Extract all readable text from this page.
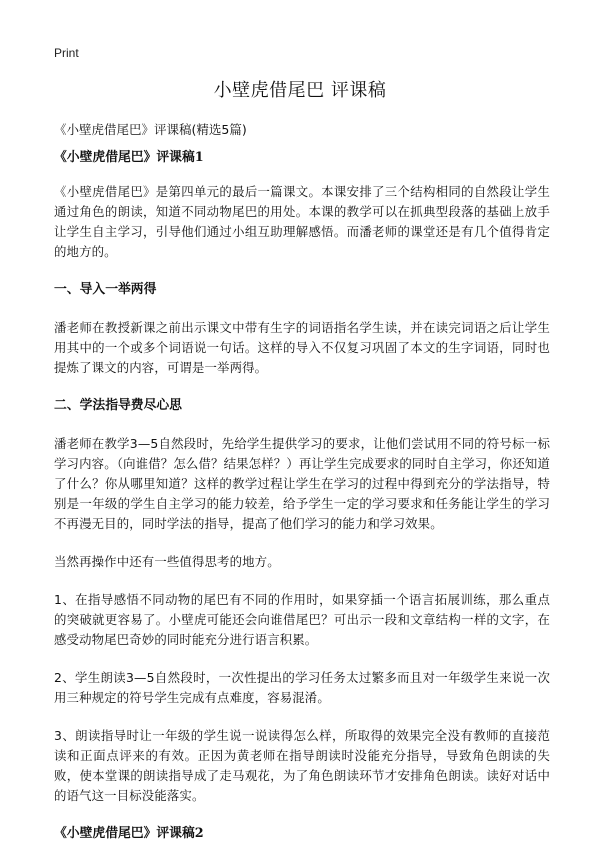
Print
小壁虎借尾巴 评课稿

《小壁虎借尾巴》评课稿(精选5篇)

《小壁虎借尾巴》评课稿1

《小壁虎借尾巴》是第四单元的最后一篇课文。本课安排了三个结构相同的自然段让学生通过角色的朗读，知道不同动物尾巴的用处。本课的教学可以在抓典型段落的基础上放手让学生自主学习，引导他们通过小组互助理解感悟。而潘老师的课堂还是有几个值得肯定的地方的。

一、导入一举两得

潘老师在教授新课之前出示课文中带有生字的词语指名学生读，并在读完词语之后让学生用其中的一个或多个词语说一句话。这样的导入不仅复习巩固了本文的生字词语，同时也提炼了课文的内容，可谓是一举两得。

二、学法指导费尽心思

潘老师在教学3—5自然段时，先给学生提供学习的要求，让他们尝试用不同的符号标一标学习内容。（向谁借？怎么借？结果怎样？）再让学生完成要求的同时自主学习，你还知道了什么？你从哪里知道？这样的教学过程让学生在学习的过程中得到充分的学法指导，特别是一年级的学生自主学习的能力较差，给予学生一定的学习要求和任务能让学生的学习不再漫无目的，同时学法的指导，提高了他们学习的能力和学习效果。

当然再操作中还有一些值得思考的地方。

1、在指导感悟不同动物的尾巴有不同的作用时，如果穿插一个语言拓展训练，那么重点的突破就更容易了。小壁虎可能还会向谁借尾巴？可出示一段和文章结构一样的文字，在感受动物尾巴奇妙的同时能充分进行语言积累。

2、学生朗读3—5自然段时，一次性提出的学习任务太过繁多而且对一年级学生来说一次用三种规定的符号学生完成有点难度，容易混淆。

3、朗读指导时让一年级的学生说一说读得怎么样，所取得的效果完全没有教师的直接范读和正面点评来的有效。正因为黄老师在指导朗读时没能充分指导，导致角色朗读的失败，使本堂课的朗读指导成了走马观花，为了角色朗读环节才安排角色朗读。读好对话中的语气这一目标没能落实。

《小壁虎借尾巴》评课稿2
